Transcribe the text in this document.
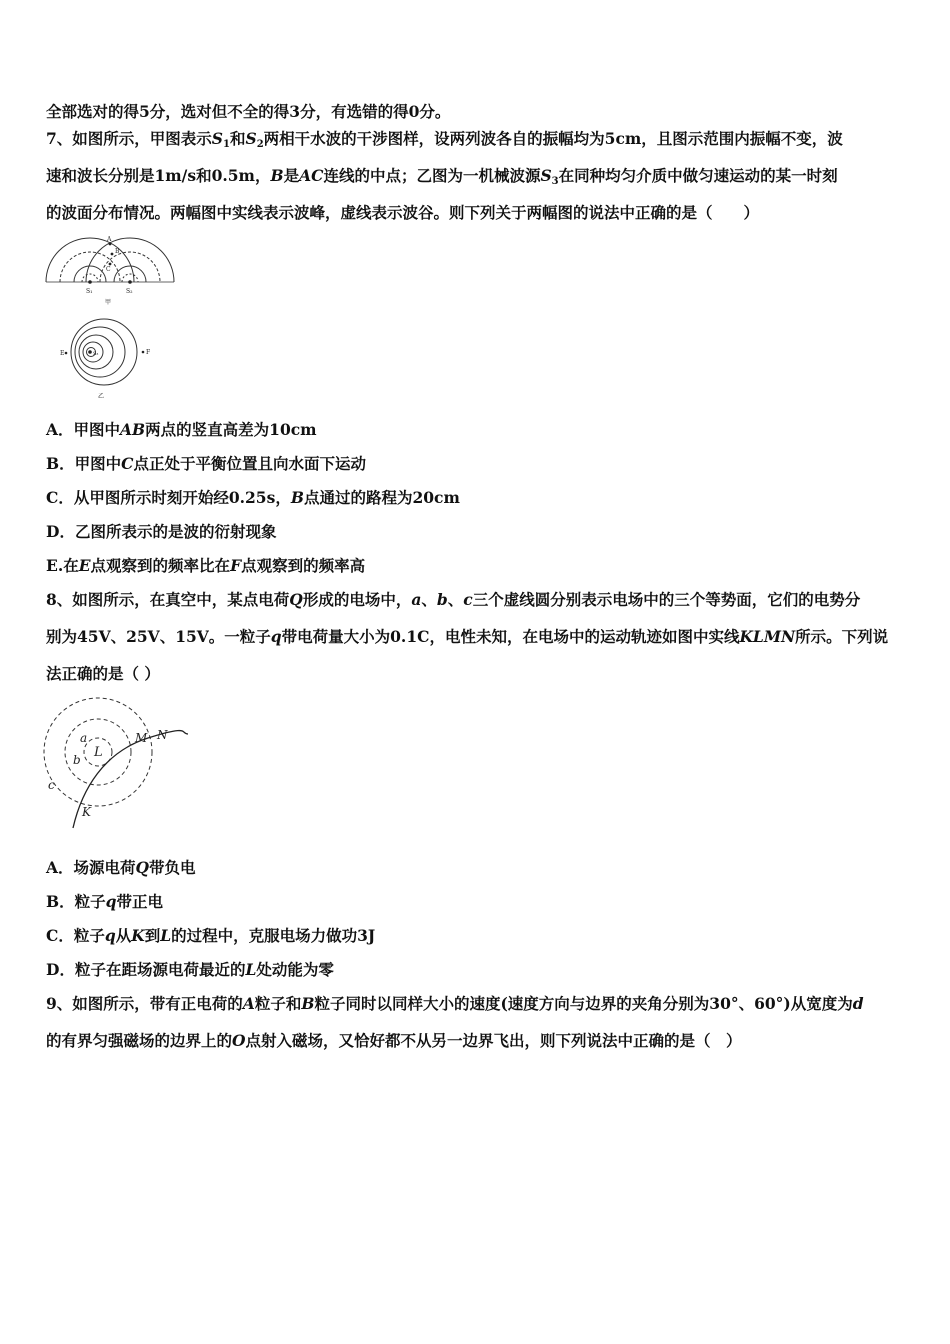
全部选对的得5分，选对但不全的得3分，有选错的得0分。
7、如图所示，甲图表示$S_1$和$S_2$两相干水波的干涉图样，设两列波各自的振幅均为5cm，且图示范围内振幅不变，波
速和波长分别是1m/s和0.5m，B是AC连线的中点；乙图为一机械波源$S_3$在同种均匀介质中做匀速运动的某一时刻
的波面分布情况。两幅图中实线表示波峰，虚线表示波谷。则下列关于两幅图的说法中正确的是（　　）
A
B
C
S₁	S₂
甲
E	F
S₃
乙
A．甲图中AB两点的竖直高差为10cm
B．甲图中C点正处于平衡位置且向水面下运动
C．从甲图所示时刻开始经0.25s，B点通过的路程为20cm
D．乙图所表示的是波的衍射现象
E.在E点观察到的频率比在F点观察到的频率高
8、如图所示，在真空中，某点电荷Q形成的电场中，a、b、c三个虚线圆分别表示电场中的三个等势面，它们的电势分
别为45V、25V、15V。一粒子q带电荷量大小为0.1C，电性未知，在电场中的运动轨迹如图中实线KLMN所示。下列说
法正确的是（ ）
a
b
c
L
M N
K
A．场源电荷Q带负电
B．粒子q带正电
C．粒子q从K到L的过程中，克服电场力做功3J
D．粒子在距场源电荷最近的L处动能为零
9、如图所示，带有正电荷的A粒子和B粒子同时以同样大小的速度(速度方向与边界的夹角分别为30°、60°)从宽度为d
的有界匀强磁场的边界上的O点射入磁场，又恰好都不从另一边界飞出，则下列说法中正确的是（　）
